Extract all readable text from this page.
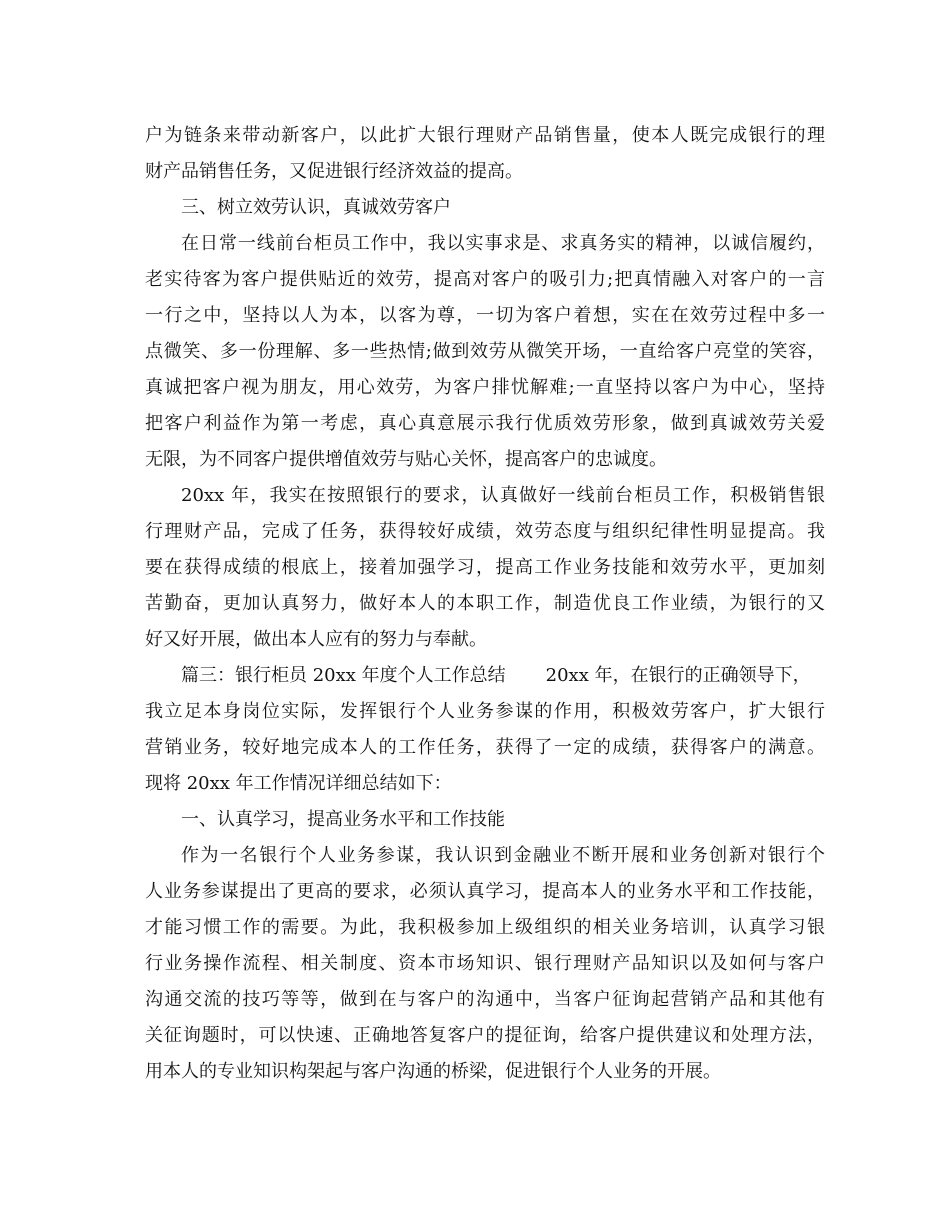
户为链条来带动新客户，以此扩大银行理财产品销售量，使本人既完成银行的理
财产品销售任务，又促进银行经济效益的提高。
三、树立效劳认识，真诚效劳客户
在日常一线前台柜员工作中，我以实事求是、求真务实的精神，以诚信履约，
老实待客为客户提供贴近的效劳，提高对客户的吸引力;把真情融入对客户的一言
一行之中，坚持以人为本，以客为尊，一切为客户着想，实在在效劳过程中多一
点微笑、多一份理解、多一些热情;做到效劳从微笑开场，一直给客户亮堂的笑容，
真诚把客户视为朋友，用心效劳，为客户排忧解难;一直坚持以客户为中心，坚持
把客户利益作为第一考虑，真心真意展示我行优质效劳形象，做到真诚效劳关爱
无限，为不同客户提供增值效劳与贴心关怀，提高客户的忠诚度。
20xx 年，我实在按照银行的要求，认真做好一线前台柜员工作，积极销售银
行理财产品，完成了任务，获得较好成绩，效劳态度与组织纪律性明显提高。我
要在获得成绩的根底上，接着加强学习，提高工作业务技能和效劳水平，更加刻
苦勤奋，更加认真努力，做好本人的本职工作，制造优良工作业绩，为银行的又
好又好开展，做出本人应有的努力与奉献。
篇三：银行柜员 20xx 年度个人工作总结 20xx 年，在银行的正确领导下，
我立足本身岗位实际，发挥银行个人业务参谋的作用，积极效劳客户，扩大银行
营销业务，较好地完成本人的工作任务，获得了一定的成绩，获得客户的满意。
现将 20xx 年工作情况详细总结如下：
一、认真学习，提高业务水平和工作技能
作为一名银行个人业务参谋，我认识到金融业不断开展和业务创新对银行个
人业务参谋提出了更高的要求，必须认真学习，提高本人的业务水平和工作技能，
才能习惯工作的需要。为此，我积极参加上级组织的相关业务培训，认真学习银
行业务操作流程、相关制度、资本市场知识、银行理财产品知识以及如何与客户
沟通交流的技巧等等，做到在与客户的沟通中，当客户征询起营销产品和其他有
关征询题时，可以快速、正确地答复客户的提征询，给客户提供建议和处理方法，
用本人的专业知识构架起与客户沟通的桥梁，促进银行个人业务的开展。
